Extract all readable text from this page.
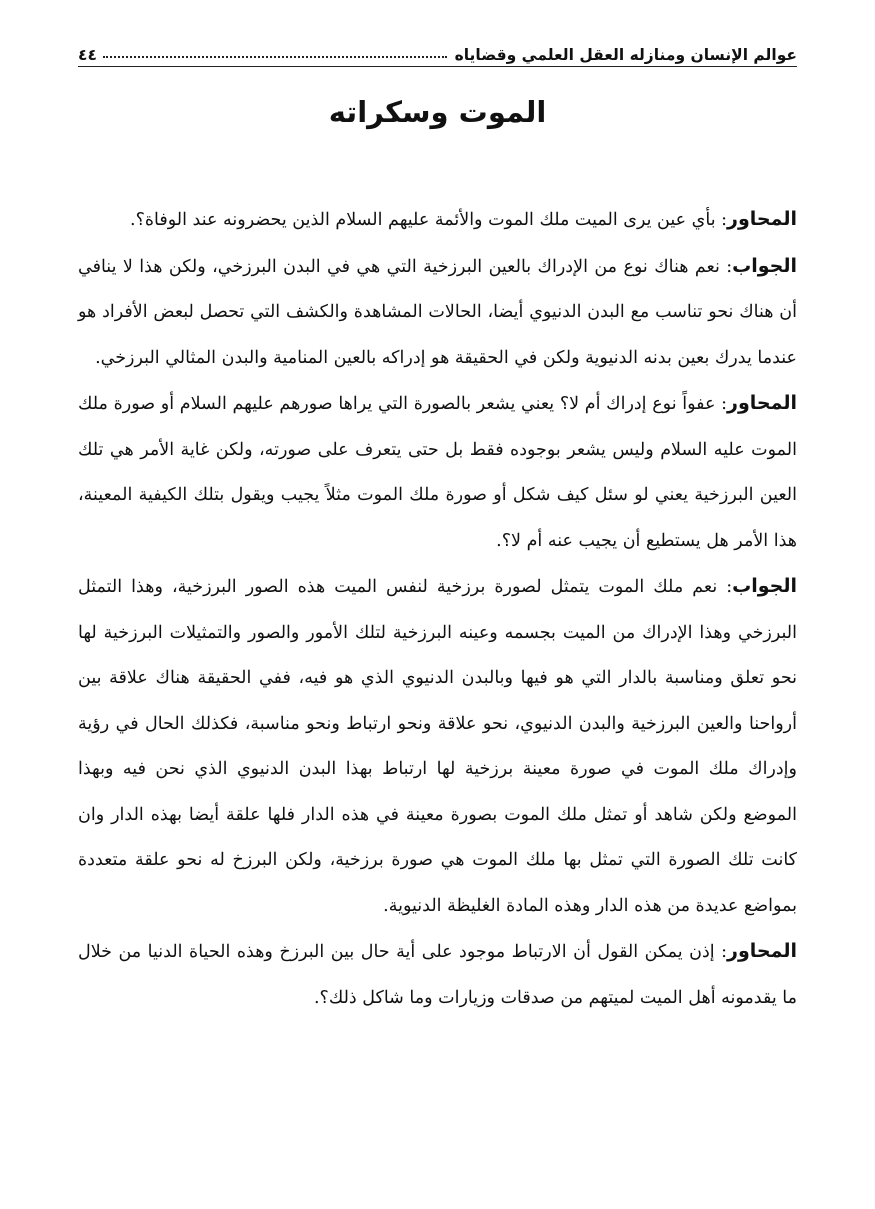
عوالم الإنسان ومنازله العقل العلمي وقضاياه
٤٤
الموت وسكراته

المحاور: بأي عين يرى الميت ملك الموت والأئمة عليهم السلام الذين يحضرونه عند الوفاة؟.

الجواب: نعم هناك نوع من الإدراك بالعين البرزخية التي هي في البدن البرزخي، ولكن هذا لا ينافي أن هناك نحو تناسب مع البدن الدنيوي أيضا، الحالات المشاهدة والكشف التي تحصل لبعض الأفراد هو عندما يدرك بعين بدنه الدنيوية ولكن في الحقيقة هو إدراكه بالعين المنامية والبدن المثالي البرزخي.

المحاور: عفواً نوع إدراك أم لا؟ يعني يشعر بالصورة التي يراها صورهم عليهم السلام أو صورة ملك الموت عليه السلام وليس يشعر بوجوده فقط بل حتى يتعرف على صورته، ولكن غاية الأمر هي تلك العين البرزخية يعني لو سئل كيف شكل أو صورة ملك الموت مثلاً يجيب ويقول بتلك الكيفية المعينة، هذا الأمر هل يستطيع أن يجيب عنه أم لا؟.

الجواب: نعم ملك الموت يتمثل لصورة برزخية لنفس الميت هذه الصور البرزخية، وهذا التمثل البرزخي وهذا الإدراك من الميت بجسمه وعينه البرزخية لتلك الأمور والصور والتمثيلات البرزخية لها نحو تعلق ومناسبة بالدار التي هو فيها وبالبدن الدنيوي الذي هو فيه، ففي الحقيقة هناك علاقة بين أرواحنا والعين البرزخية والبدن الدنيوي، نحو علاقة ونحو ارتباط ونحو مناسبة، فكذلك الحال في رؤية وإدراك ملك الموت في صورة معينة برزخية لها ارتباط بهذا البدن الدنيوي الذي نحن فيه وبهذا الموضع ولكن شاهد أو تمثل ملك الموت بصورة معينة في هذه الدار فلها علقة أيضا بهذه الدار وان كانت تلك الصورة التي تمثل بها ملك الموت هي صورة برزخية، ولكن البرزخ له نحو علقة متعددة بمواضع عديدة من هذه الدار وهذه المادة الغليظة الدنيوية.

المحاور: إذن يمكن القول أن الارتباط موجود على أية حال بين البرزخ وهذه الحياة الدنيا من خلال ما يقدمونه أهل الميت لميتهم من صدقات وزيارات وما شاكل ذلك؟.
